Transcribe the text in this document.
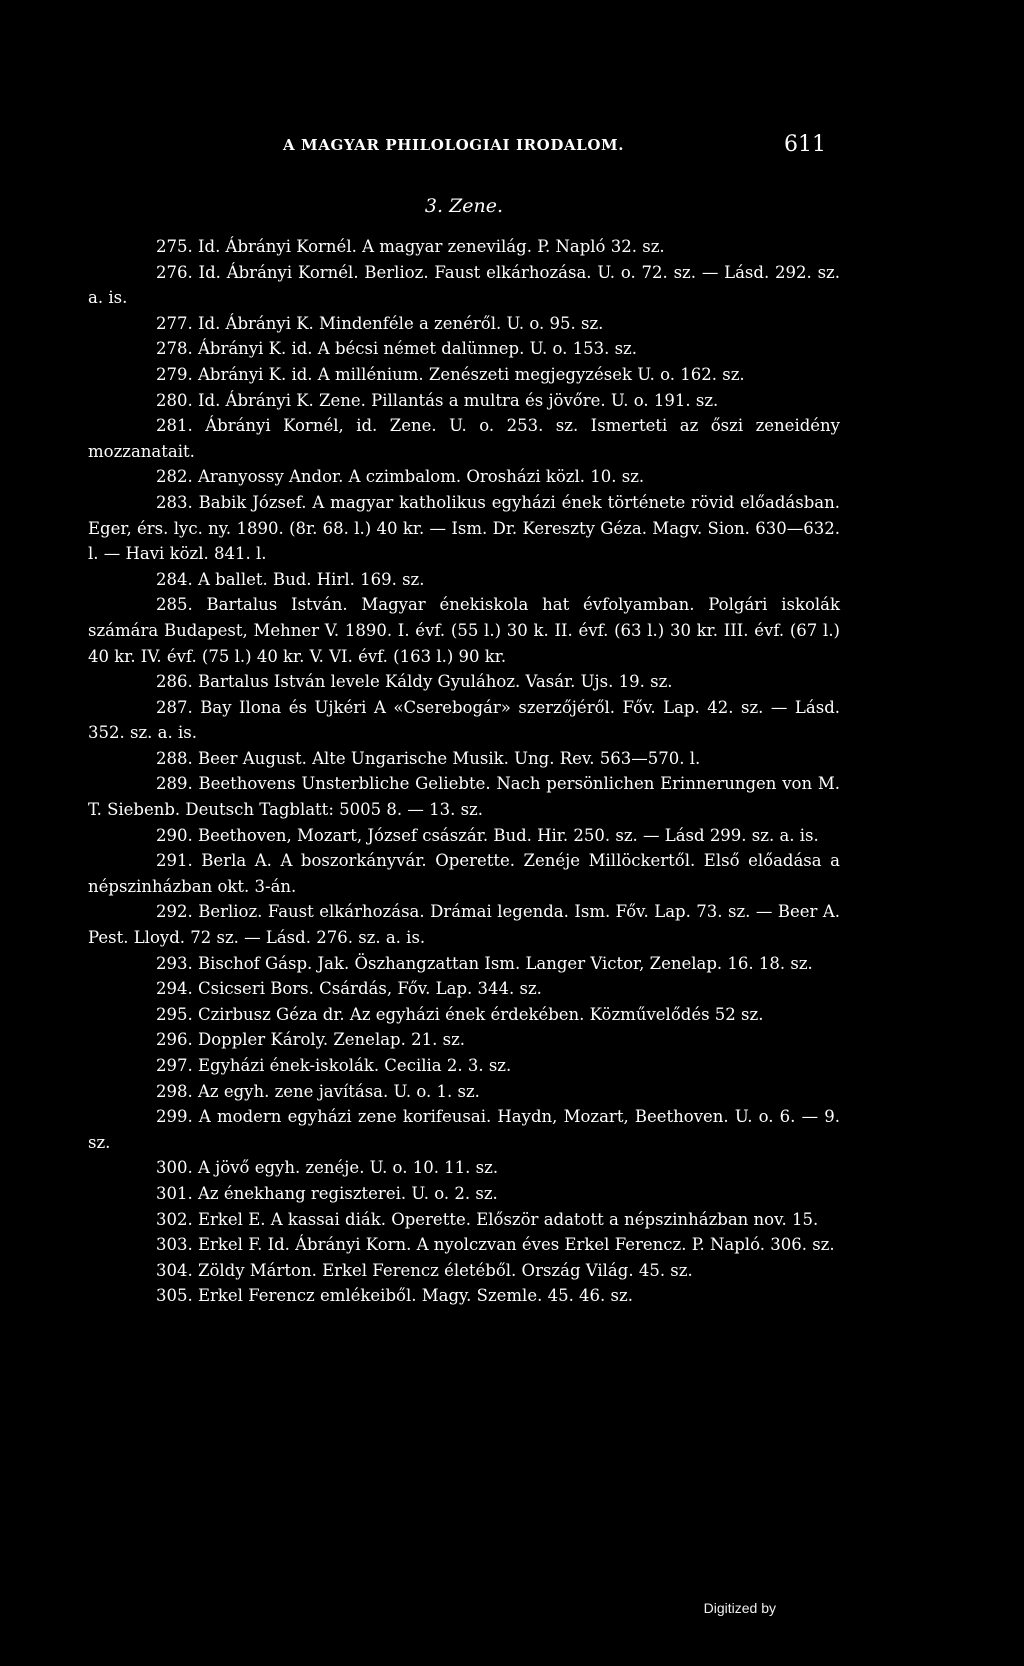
A MAGYAR PHILOLOGIAI IRODALOM.	611
3. Zene.

275. Id. Ábrányi Kornél. A magyar zenevilág. P. Napló 32. sz.

276. Id. Ábrányi Kornél. Berlioz. Faust elkárhozása. U. o. 72. sz. — Lásd. 292. sz. a. is.

277. Id. Ábrányi K. Mindenféle a zenéről. U. o. 95. sz.

278. Ábrányi K. id. A bécsi német dalünnep. U. o. 153. sz.

279. Abrányi K. id. A millénium. Zenészeti megjegyzések U. o. 162. sz.

280. Id. Ábrányi K. Zene. Pillantás a multra és jövőre. U. o. 191. sz.

281. Ábrányi Kornél, id. Zene. U. o. 253. sz. Ismerteti az őszi zeneidény mozzanatait.

282. Aranyossy Andor. A czimbalom. Orosházi közl. 10. sz.

283. Babik József. A magyar katholikus egyházi ének története rövid előadásban. Eger, érs. lyc. ny. 1890. (8r. 68. l.) 40 kr. — Ism. Dr. Kereszty Géza. Magv. Sion. 630—632. l. — Havi közl. 841. l.

284. A ballet. Bud. Hirl. 169. sz.

285. Bartalus István. Magyar énekiskola hat évfolyamban. Polgári iskolák számára Budapest, Mehner V. 1890. I. évf. (55 l.) 30 k. II. évf. (63 l.) 30 kr. III. évf. (67 l.) 40 kr. IV. évf. (75 l.) 40 kr. V. VI. évf. (163 l.) 90 kr.

286. Bartalus István levele Káldy Gyulához. Vasár. Ujs. 19. sz.

287. Bay Ilona és Ujkéri A «Cserebogár» szerzőjéről. Főv. Lap. 42. sz. — Lásd. 352. sz. a. is.

288. Beer August. Alte Ungarische Musik. Ung. Rev. 563—570. l.

289. Beethovens Unsterbliche Geliebte. Nach persönlichen Erinnerungen von M. T. Siebenb. Deutsch Tagblatt: 5005 8. — 13. sz.

290. Beethoven, Mozart, József császár. Bud. Hir. 250. sz. — Lásd 299. sz. a. is.

291. Berla A. A boszorkányvár. Operette. Zenéje Millöckertől. Első előadása a népszinházban okt. 3-án.

292. Berlioz. Faust elkárhozása. Drámai legenda. Ism. Főv. Lap. 73. sz. — Beer A. Pest. Lloyd. 72 sz. — Lásd. 276. sz. a. is.

293. Bischof Gásp. Jak. Öszhangzattan Ism. Langer Victor, Zenelap. 16. 18. sz.

294. Csicseri Bors. Csárdás, Főv. Lap. 344. sz.

295. Czirbusz Géza dr. Az egyházi ének érdekében. Közművelődés 52 sz.

296. Doppler Károly. Zenelap. 21. sz.

297. Egyházi ének-iskolák. Cecilia 2. 3. sz.

298. Az egyh. zene javítása. U. o. 1. sz.

299. A modern egyházi zene korifeusai. Haydn, Mozart, Beethoven. U. o. 6. — 9. sz.

300. A jövő egyh. zenéje. U. o. 10. 11. sz.

301. Az énekhang regiszterei. U. o. 2. sz.

302. Erkel E. A kassai diák. Operette. Először adatott a népszinházban nov. 15.

303. Erkel F. Id. Ábrányi Korn. A nyolczvan éves Erkel Ferencz. P. Napló. 306. sz.

304. Zöldy Márton. Erkel Ferencz életéből. Ország Világ. 45. sz.

305. Erkel Ferencz emlékeiből. Magy. Szemle. 45. 46. sz.

Digitized by
